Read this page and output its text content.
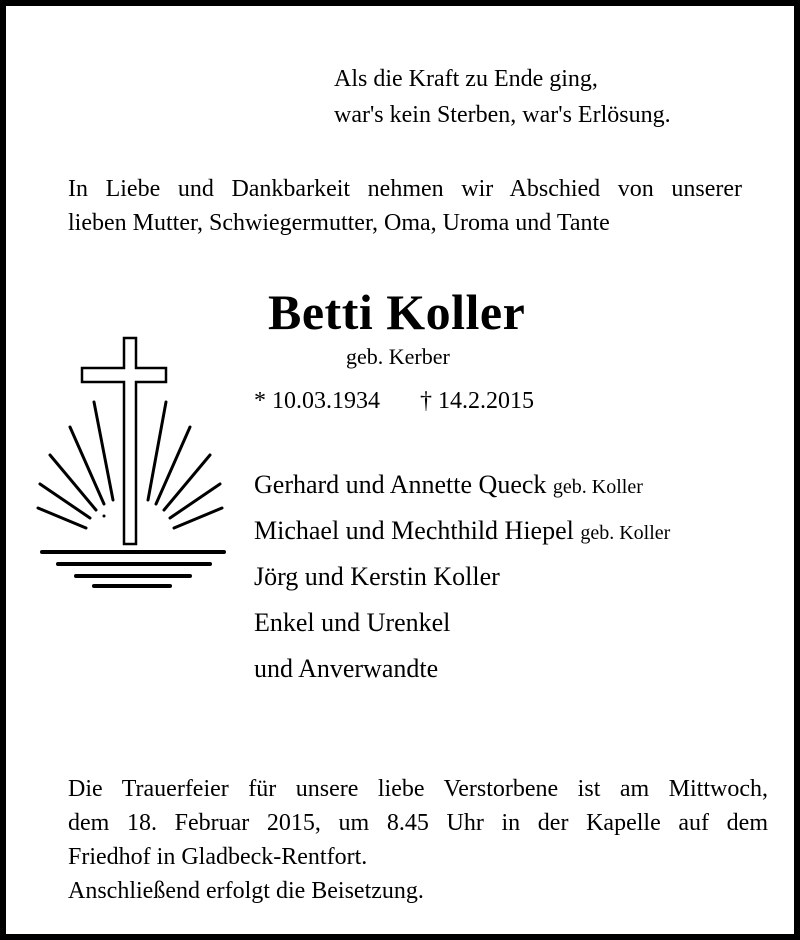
Als die Kraft zu Ende ging,

war's kein Sterben, war's Erlösung.

In Liebe und Dankbarkeit nehmen wir Abschied von unserer
lieben Mutter, Schwiegermutter, Oma, Uroma und Tante
Betti Koller

geb. Kerber

* 10.03.1934 † 14.2.2015

Gerhard und Annette Queck geb. Koller

Michael und Mechthild Hiepel geb. Koller

Jörg und Kerstin Koller

Enkel und Urenkel

und Anverwandte

Die Trauerfeier für unsere liebe Verstorbene ist am Mittwoch,
dem 18. Februar 2015, um 8.45 Uhr in der Kapelle auf dem
Friedhof in Gladbeck-Rentfort.
Anschließend erfolgt die Beisetzung.
